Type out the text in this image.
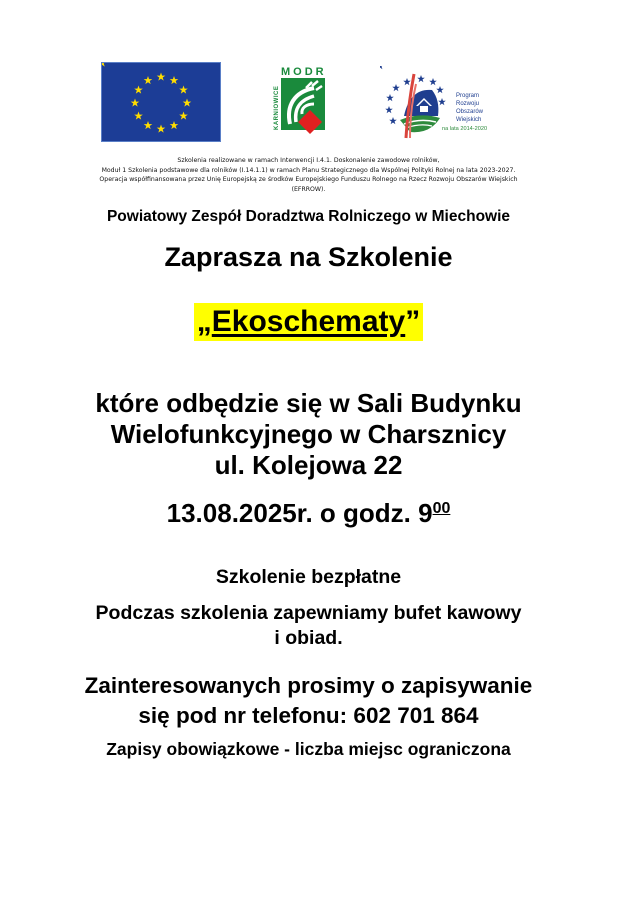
MODR
KARNIOWICE	Program
Rozwoju
Obszarów
Wiejskich
na lata 2014-2020
Szkolenia realizowane w ramach Interwencji I.4.1. Doskonalenie zawodowe rolników,
Moduł 1 Szkolenia podstawowe dla rolników (I.14.1.1) w ramach Planu Strategicznego dla Wspólnej Polityki Rolnej na lata 2023-2027.
Operacja współfinansowana przez Unię Europejską ze środków Europejskiego Funduszu Rolnego na Rzecz Rozwoju Obszarów Wiejskich
(EFRROW).
Powiatowy Zespół Doradztwa Rolniczego w Miechowie
Zaprasza na Szkolenie
„Ekoschematy”
które odbędzie się w Sali Budynku
Wielofunkcyjnego w Charsznicy
ul. Kolejowa 22
13.08.2025r. o godz. $9^{00}$
Szkolenie bezpłatne
Podczas szkolenia zapewniamy bufet kawowy
i obiad.
Zainteresowanych prosimy o zapisywanie
się pod nr telefonu: 602 701 864
Zapisy obowiązkowe - liczba miejsc ograniczona
